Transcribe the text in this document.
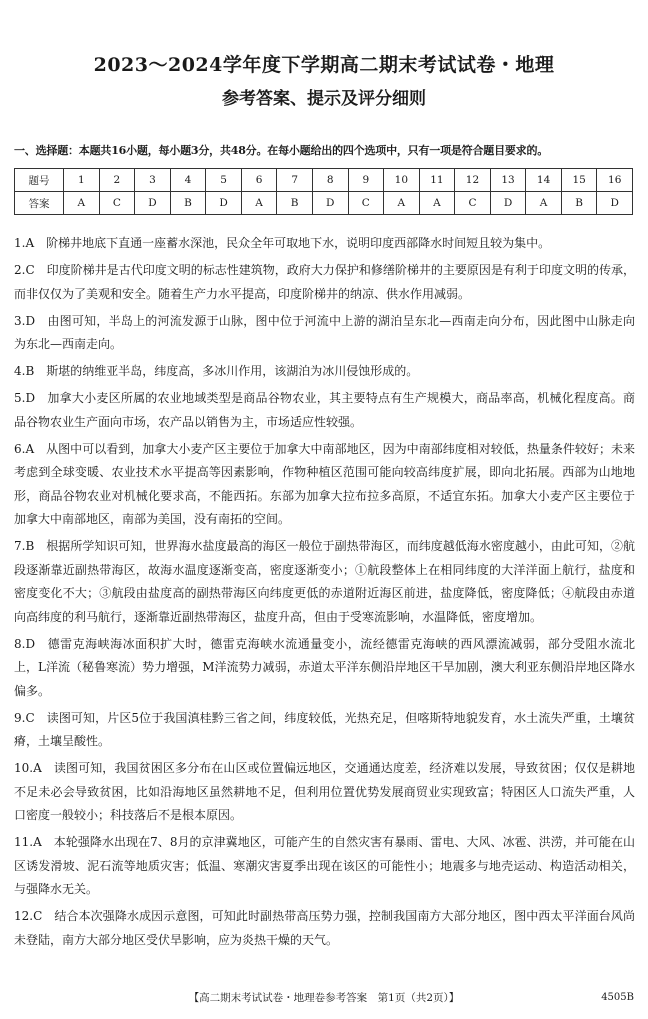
2023～2024学年度下学期高二期末考试试卷・地理
参考答案、提示及评分细则
一、选择题：本题共16小题，每小题3分，共48分。在每小题给出的四个选项中，只有一项是符合题目要求的。
题号	1	2	3	4	5	6	7	8	9	10	11	12	13	14	15	16
答案	A	C	D	B	D	A	B	D	C	A	A	C	D	A	B	D
1.A 阶梯井地底下直通一座蓄水深池，民众全年可取地下水，说明印度西部降水时间短且较为集中。
2.C 印度阶梯井是古代印度文明的标志性建筑物，政府大力保护和修缮阶梯井的主要原因是有利于印度文明的传承，而非仅仅为了美观和安全。随着生产力水平提高，印度阶梯井的纳凉、供水作用减弱。
3.D 由图可知，半岛上的河流发源于山脉，图中位于河流中上游的湖泊呈东北—西南走向分布，因此图中山脉走向为东北—西南走向。
4.B 斯堪的纳维亚半岛，纬度高，多冰川作用，该湖泊为冰川侵蚀形成的。
5.D 加拿大小麦区所属的农业地域类型是商品谷物农业，其主要特点有生产规模大，商品率高，机械化程度高。商品谷物农业生产面向市场，农产品以销售为主，市场适应性较强。
6.A 从图中可以看到，加拿大小麦产区主要位于加拿大中南部地区，因为中南部纬度相对较低，热量条件较好；未来考虑到全球变暖、农业技术水平提高等因素影响，作物种植区范围可能向较高纬度扩展，即向北拓展。西部为山地地形，商品谷物农业对机械化要求高，不能西拓。东部为加拿大拉布拉多高原，不适宜东拓。加拿大小麦产区主要位于加拿大中南部地区，南部为美国，没有南拓的空间。
7.B 根据所学知识可知，世界海水盐度最高的海区一般位于副热带海区，而纬度越低海水密度越小，由此可知，②航段逐渐靠近副热带海区，故海水温度逐渐变高，密度逐渐变小；①航段整体上在相同纬度的大洋洋面上航行，盐度和密度变化不大；③航段由盐度高的副热带海区向纬度更低的赤道附近海区前进，盐度降低，密度降低；④航段由赤道向高纬度的利马航行，逐渐靠近副热带海区，盐度升高，但由于受寒流影响，水温降低，密度增加。
8.D 德雷克海峡海冰面积扩大时，德雷克海峡水流通量变小，流经德雷克海峡的西风漂流减弱，部分受阻水流北上，L洋流（秘鲁寒流）势力增强，M洋流势力减弱，赤道太平洋东侧沿岸地区干旱加剧，澳大利亚东侧沿岸地区降水偏多。
9.C 读图可知，片区5位于我国滇桂黔三省之间，纬度较低，光热充足，但喀斯特地貌发育，水土流失严重，土壤贫瘠，土壤呈酸性。
10.A 读图可知，我国贫困区多分布在山区或位置偏远地区，交通通达度差，经济难以发展，导致贫困；仅仅是耕地不足未必会导致贫困，比如沿海地区虽然耕地不足，但利用位置优势发展商贸业实现致富；特困区人口流失严重，人口密度一般较小；科技落后不是根本原因。
11.A 本轮强降水出现在7、8月的京津冀地区，可能产生的自然灾害有暴雨、雷电、大风、冰雹、洪涝，并可能在山区诱发滑坡、泥石流等地质灾害；低温、寒潮灾害夏季出现在该区的可能性小；地震多与地壳运动、构造活动相关，与强降水无关。
12.C 结合本次强降水成因示意图，可知此时副热带高压势力强，控制我国南方大部分地区，图中西太平洋面台风尚未登陆，南方大部分地区受伏旱影响，应为炎热干燥的天气。
【高二期末考试试卷・地理卷参考答案　第1页（共2页）】	4505B
